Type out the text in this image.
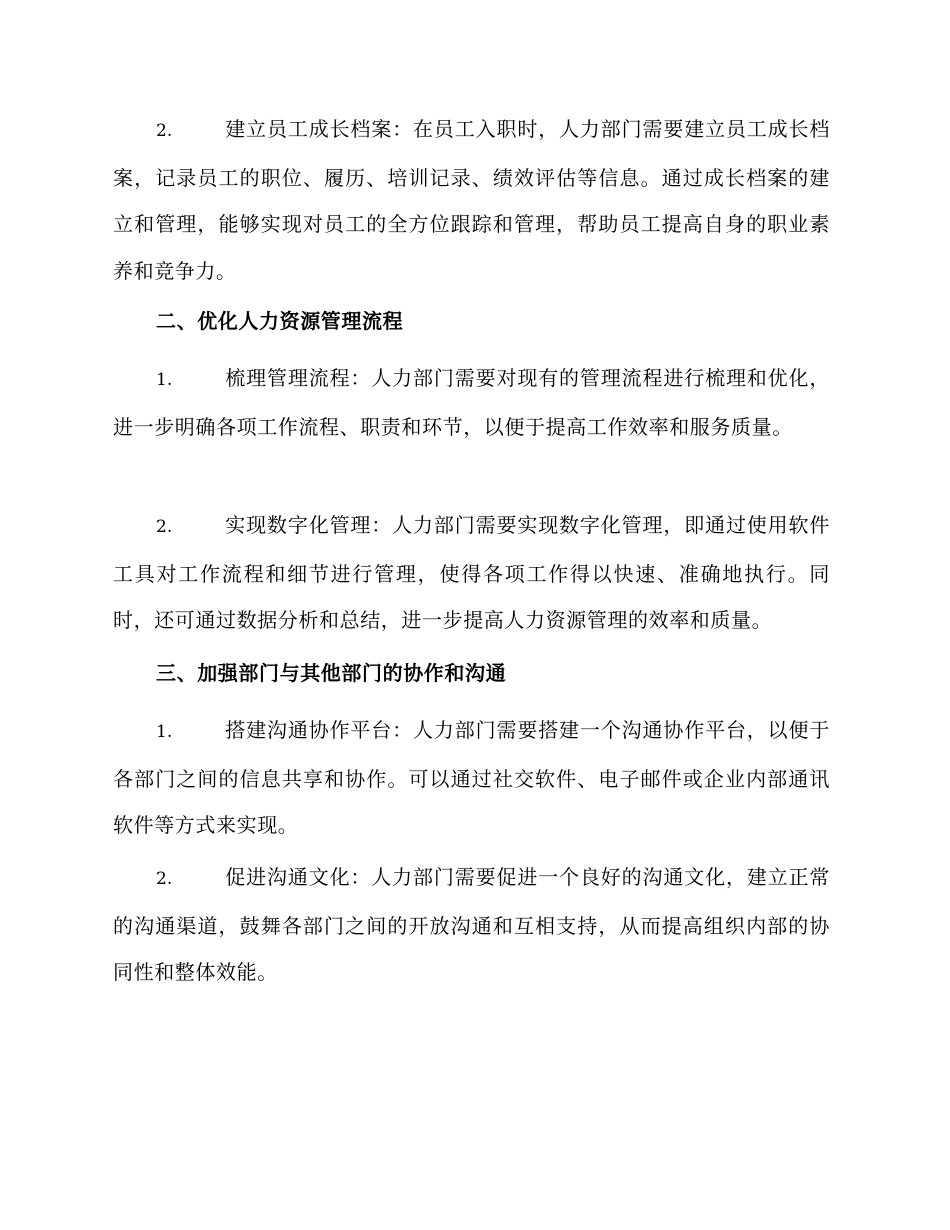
2.	建立员工成长档案：在员工入职时，人力部门需要建立员工成长档案，记录员工的职位、履历、培训记录、绩效评估等信息。通过成长档案的建立和管理，能够实现对员工的全方位跟踪和管理，帮助员工提高自身的职业素养和竞争力。

二、优化人力资源管理流程

1.	梳理管理流程：人力部门需要对现有的管理流程进行梳理和优化，进一步明确各项工作流程、职责和环节，以便于提高工作效率和服务质量。

2.	实现数字化管理：人力部门需要实现数字化管理，即通过使用软件工具对工作流程和细节进行管理，使得各项工作得以快速、准确地执行。同时，还可通过数据分析和总结，进一步提高人力资源管理的效率和质量。

三、加强部门与其他部门的协作和沟通

1.	搭建沟通协作平台：人力部门需要搭建一个沟通协作平台，以便于各部门之间的信息共享和协作。可以通过社交软件、电子邮件或企业内部通讯软件等方式来实现。

2.	促进沟通文化：人力部门需要促进一个良好的沟通文化，建立正常的沟通渠道，鼓舞各部门之间的开放沟通和互相支持，从而提高组织内部的协同性和整体效能。
